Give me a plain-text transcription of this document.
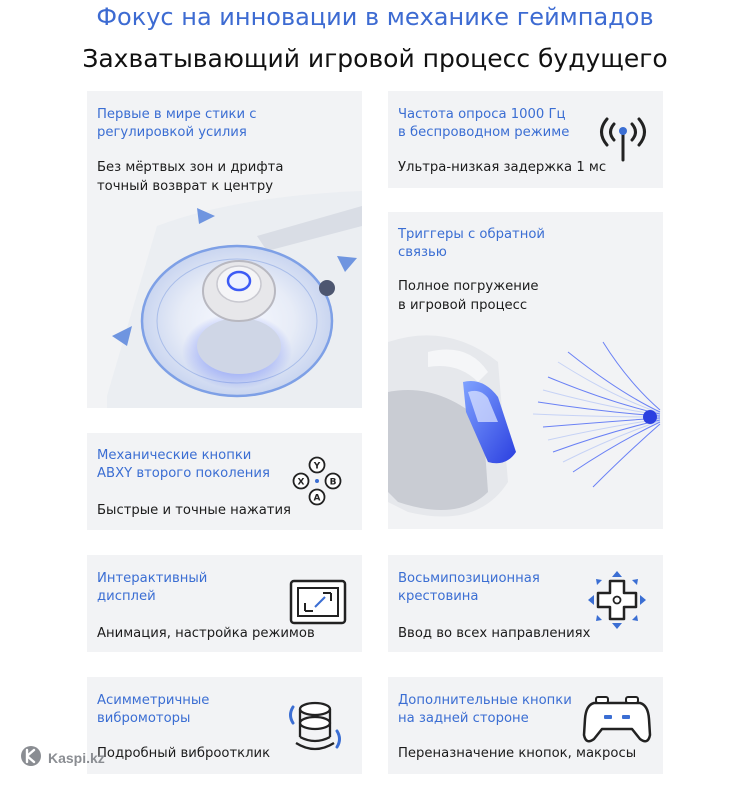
Фокус на инновации в механике геймпадов
Захватывающий игровой процесс будущего
Первые в мире стики с
регулировкой усилия
Без мёртвых зон и дрифта
точный возврат к центру
Частота опроса 1000 Гц
в беспроводном режиме
Ультра-низкая задержка 1 мс
Триггеры с обратной
связью
Полное погружение
в игровой процесс
Механические кнопки
ABXY второго поколения
Быстрые и точные нажатия
Y
X	B
A
Интерактивный
дисплей
Анимация, настройка режимов
Восьмипозиционная
крестовина
Ввод во всех направлениях
Асимметричные
вибромоторы
Подробный виброотклик
Дополнительные кнопки
на задней стороне
Переназначение кнопок, макросы
Kaspi.kz
